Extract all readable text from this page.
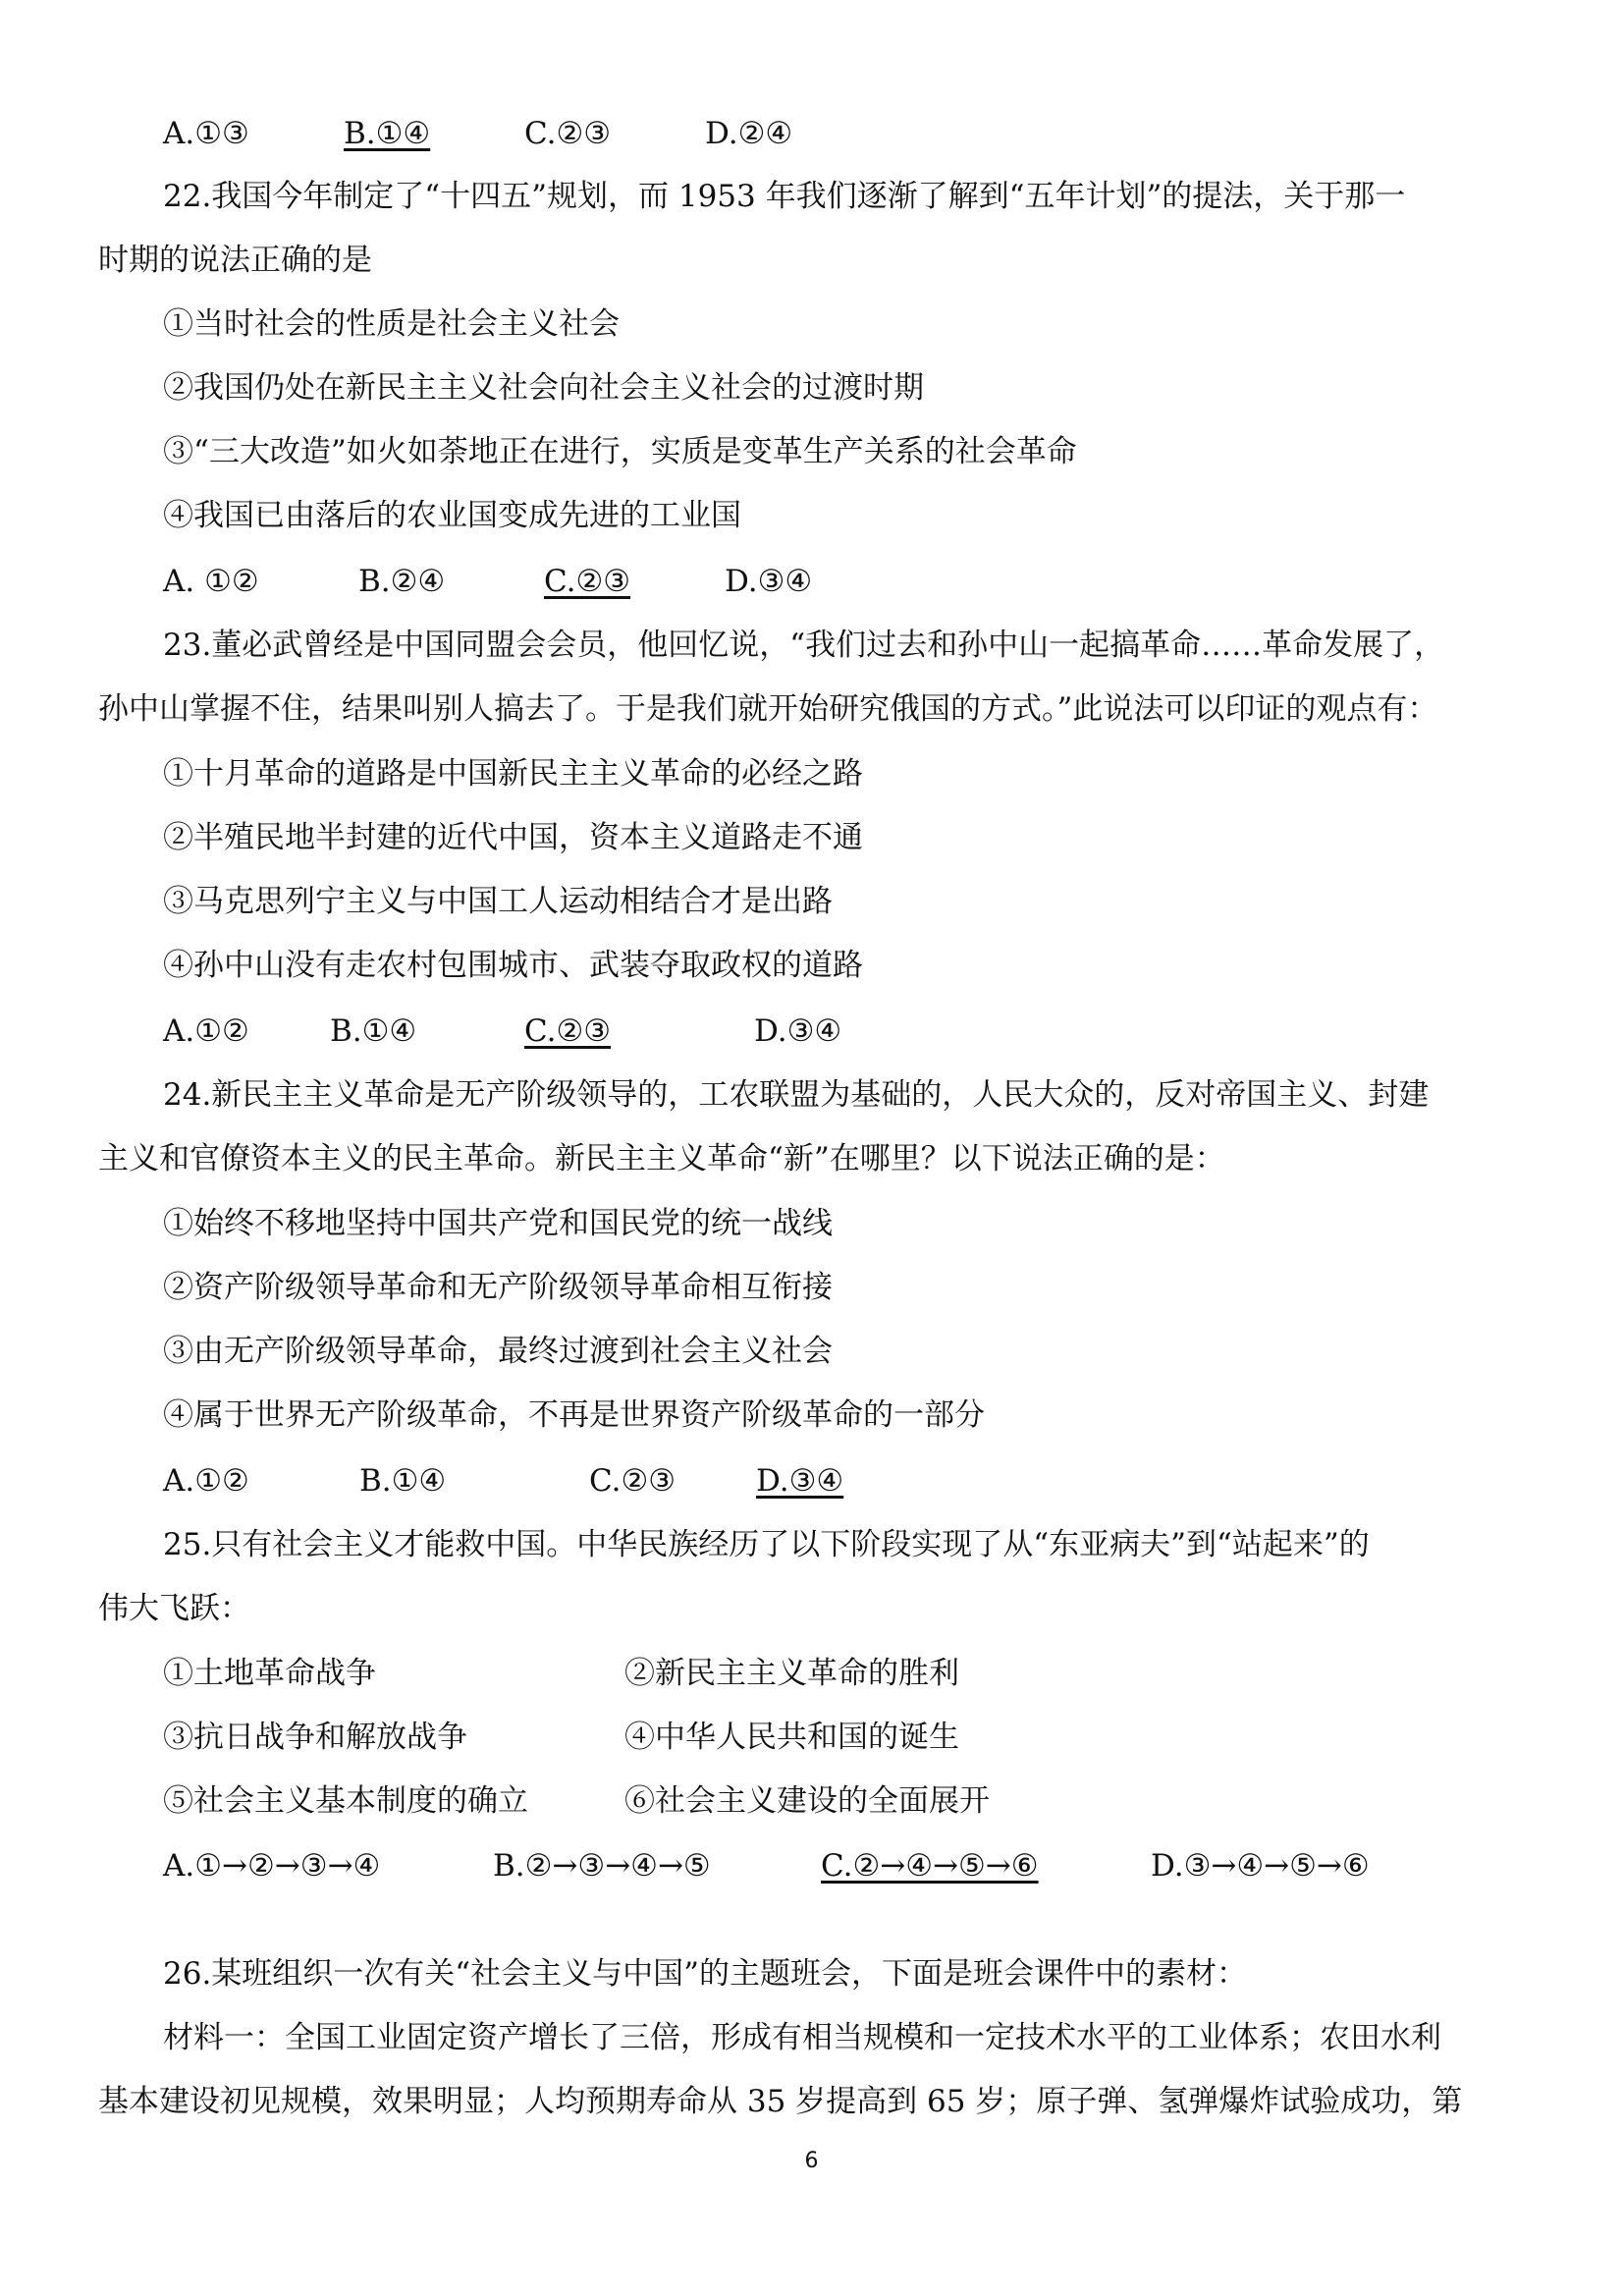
A.①③	B.①④	C.②③	D.②④
22.我国今年制定了“十四五”规划，而 1953 年我们逐渐了解到“五年计划”的提法，关于那一
时期的说法正确的是
①当时社会的性质是社会主义社会
②我国仍处在新民主主义社会向社会主义社会的过渡时期
③“三大改造”如火如荼地正在进行，实质是变革生产关系的社会革命
④我国已由落后的农业国变成先进的工业国
A. ①②	B.②④	C.②③	D.③④
23.董必武曾经是中国同盟会会员，他回忆说，“我们过去和孙中山一起搞革命……革命发展了，
孙中山掌握不住，结果叫别人搞去了。于是我们就开始研究俄国的方式。”此说法可以印证的观点有：
①十月革命的道路是中国新民主主义革命的必经之路
②半殖民地半封建的近代中国，资本主义道路走不通
③马克思列宁主义与中国工人运动相结合才是出路
④孙中山没有走农村包围城市、武装夺取政权的道路
A.①②	B.①④	C.②③	D.③④
24.新民主主义革命是无产阶级领导的，工农联盟为基础的，人民大众的，反对帝国主义、封建
主义和官僚资本主义的民主革命。新民主主义革命“新”在哪里？以下说法正确的是：
①始终不移地坚持中国共产党和国民党的统一战线
②资产阶级领导革命和无产阶级领导革命相互衔接
③由无产阶级领导革命，最终过渡到社会主义社会
④属于世界无产阶级革命，不再是世界资产阶级革命的一部分
A.①②	B.①④	C.②③	D.③④
25.只有社会主义才能救中国。中华民族经历了以下阶段实现了从“东亚病夫”到“站起来”的
伟大飞跃：
①土地革命战争	②新民主主义革命的胜利
③抗日战争和解放战争	④中华人民共和国的诞生
⑤社会主义基本制度的确立	⑥社会主义建设的全面展开
A.①→②→③→④	B.②→③→④→⑤	C.②→④→⑤→⑥	D.③→④→⑤→⑥
26.某班组织一次有关“社会主义与中国”的主题班会，下面是班会课件中的素材：
材料一：全国工业固定资产增长了三倍，形成有相当规模和一定技术水平的工业体系；农田水利
基本建设初见规模，效果明显；人均预期寿命从 35 岁提高到 65 岁；原子弹、氢弹爆炸试验成功，第
6
